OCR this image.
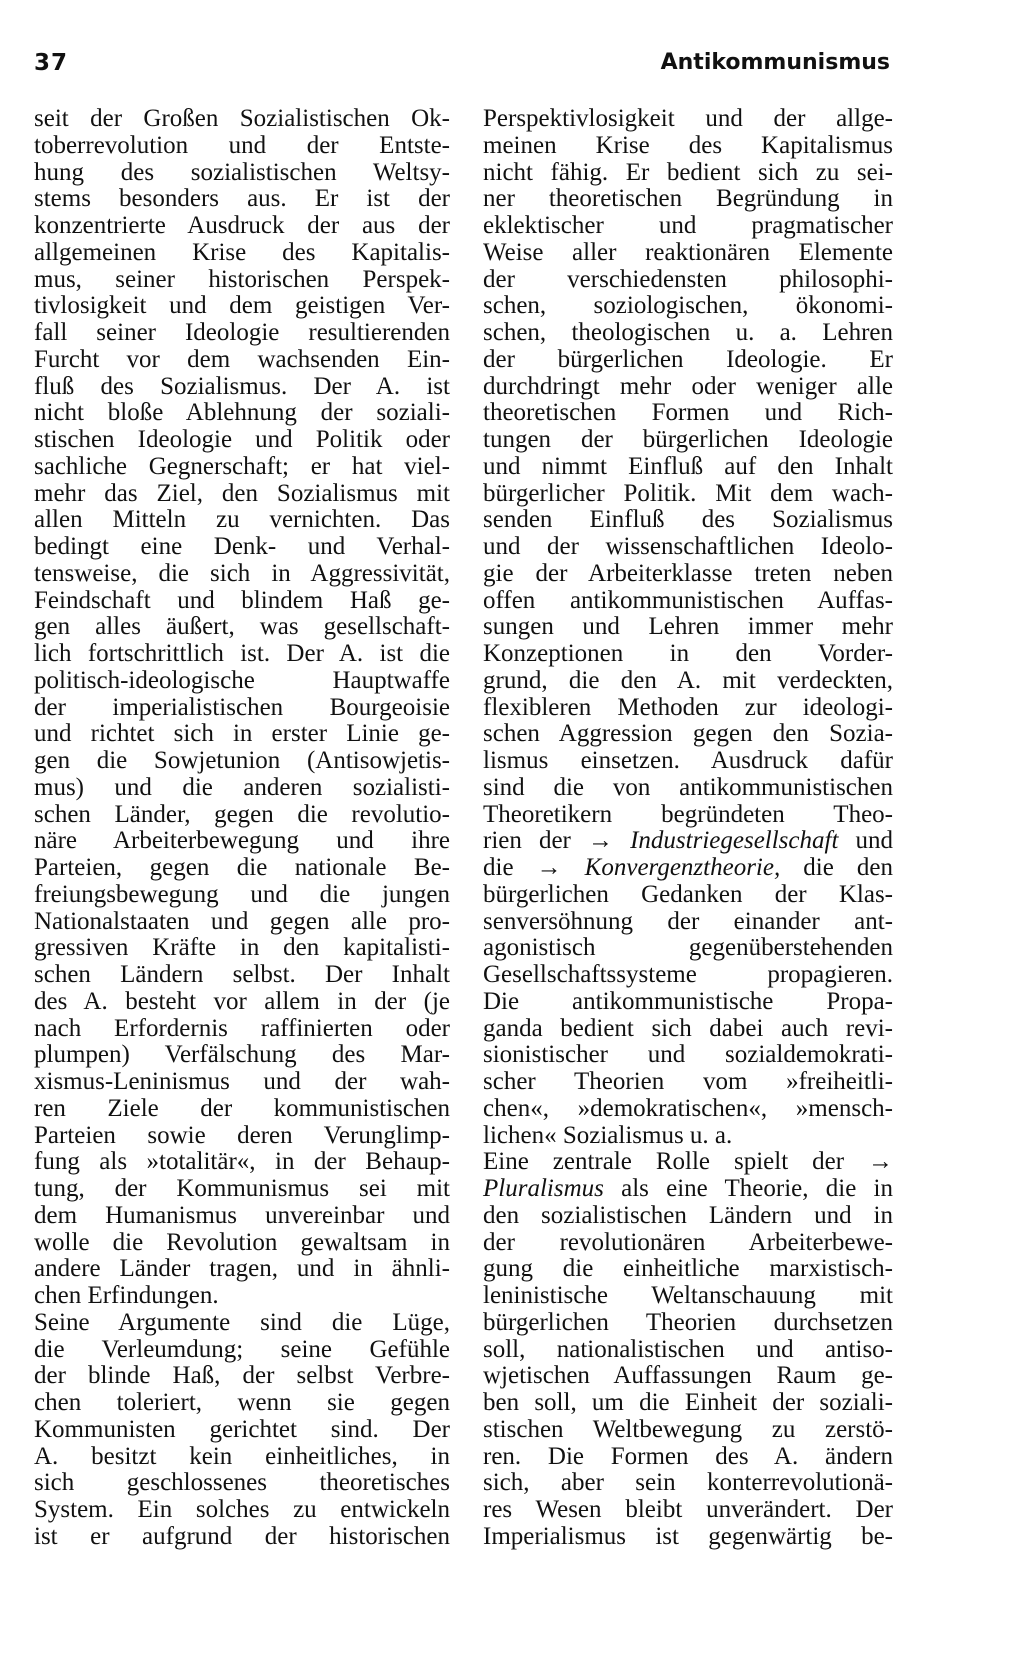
37	Antikommunismus
seit der Großen Sozialistischen Ok-
toberrevolution und der Entste-
hung des sozialistischen Weltsy-
stems besonders aus. Er ist der
konzentrierte Ausdruck der aus der
allgemeinen Krise des Kapitalis-
mus, seiner historischen Perspek-
tivlosigkeit und dem geistigen Ver-
fall seiner Ideologie resultierenden
Furcht vor dem wachsenden Ein-
fluß des Sozialismus. Der A. ist
nicht bloße Ablehnung der soziali-
stischen Ideologie und Politik oder
sachliche Gegnerschaft; er hat viel-
mehr das Ziel, den Sozialismus mit
allen Mitteln zu vernichten. Das
bedingt eine Denk- und Verhal-
tensweise, die sich in Aggressivität,
Feindschaft und blindem Haß ge-
gen alles äußert, was gesellschaft-
lich fortschrittlich ist. Der A. ist die
politisch-ideologische Hauptwaffe
der imperialistischen Bourgeoisie
und richtet sich in erster Linie ge-
gen die Sowjetunion (Antisowjetis-
mus) und die anderen sozialisti-
schen Länder, gegen die revolutio-
näre Arbeiterbewegung und ihre
Parteien, gegen die nationale Be-
freiungsbewegung und die jungen
Nationalstaaten und gegen alle pro-
gressiven Kräfte in den kapitalisti-
schen Ländern selbst. Der Inhalt
des A. besteht vor allem in der (je
nach Erfordernis raffinierten oder
plumpen) Verfälschung des Mar-
xismus-Leninismus und der wah-
ren Ziele der kommunistischen
Parteien sowie deren Verunglimp-
fung als »totalitär«, in der Behaup-
tung, der Kommunismus sei mit
dem Humanismus unvereinbar und
wolle die Revolution gewaltsam in
andere Länder tragen, und in ähnli-
chen Erfindungen.
Seine Argumente sind die Lüge,
die Verleumdung; seine Gefühle
der blinde Haß, der selbst Verbre-
chen toleriert, wenn sie gegen
Kommunisten gerichtet sind. Der
A. besitzt kein einheitliches, in
sich geschlossenes theoretisches
System. Ein solches zu entwickeln
ist er aufgrund der historischen
Perspektivlosigkeit und der allge-
meinen Krise des Kapitalismus
nicht fähig. Er bedient sich zu sei-
ner theoretischen Begründung in
eklektischer und pragmatischer
Weise aller reaktionären Elemente
der verschiedensten philosophi-
schen, soziologischen, ökonomi-
schen, theologischen u. a. Lehren
der bürgerlichen Ideologie. Er
durchdringt mehr oder weniger alle
theoretischen Formen und Rich-
tungen der bürgerlichen Ideologie
und nimmt Einfluß auf den Inhalt
bürgerlicher Politik. Mit dem wach-
senden Einfluß des Sozialismus
und der wissenschaftlichen Ideolo-
gie der Arbeiterklasse treten neben
offen antikommunistischen Auffas-
sungen und Lehren immer mehr
Konzeptionen in den Vorder-
grund, die den A. mit verdeckten,
flexibleren Methoden zur ideologi-
schen Aggression gegen den Sozia-
lismus einsetzen. Ausdruck dafür
sind die von antikommunistischen
Theoretikern begründeten Theo-
rien der → Industriegesellschaft und
die → Konvergenztheorie, die den
bürgerlichen Gedanken der Klas-
senversöhnung der einander ant-
agonistisch gegenüberstehenden
Gesellschaftssysteme propagieren.
Die antikommunistische Propa-
ganda bedient sich dabei auch revi-
sionistischer und sozialdemokrati-
scher Theorien vom »freiheitli-
chen«, »demokratischen«, »mensch-
lichen« Sozialismus u. a.
Eine zentrale Rolle spielt der →
Pluralismus als eine Theorie, die in
den sozialistischen Ländern und in
der revolutionären Arbeiterbewe-
gung die einheitliche marxistisch-
leninistische Weltanschauung mit
bürgerlichen Theorien durchsetzen
soll, nationalistischen und antiso-
wjetischen Auffassungen Raum ge-
ben soll, um die Einheit der soziali-
stischen Weltbewegung zu zerstö-
ren. Die Formen des A. ändern
sich, aber sein konterrevolutionä-
res Wesen bleibt unverändert. Der
Imperialismus ist gegenwärtig be-
